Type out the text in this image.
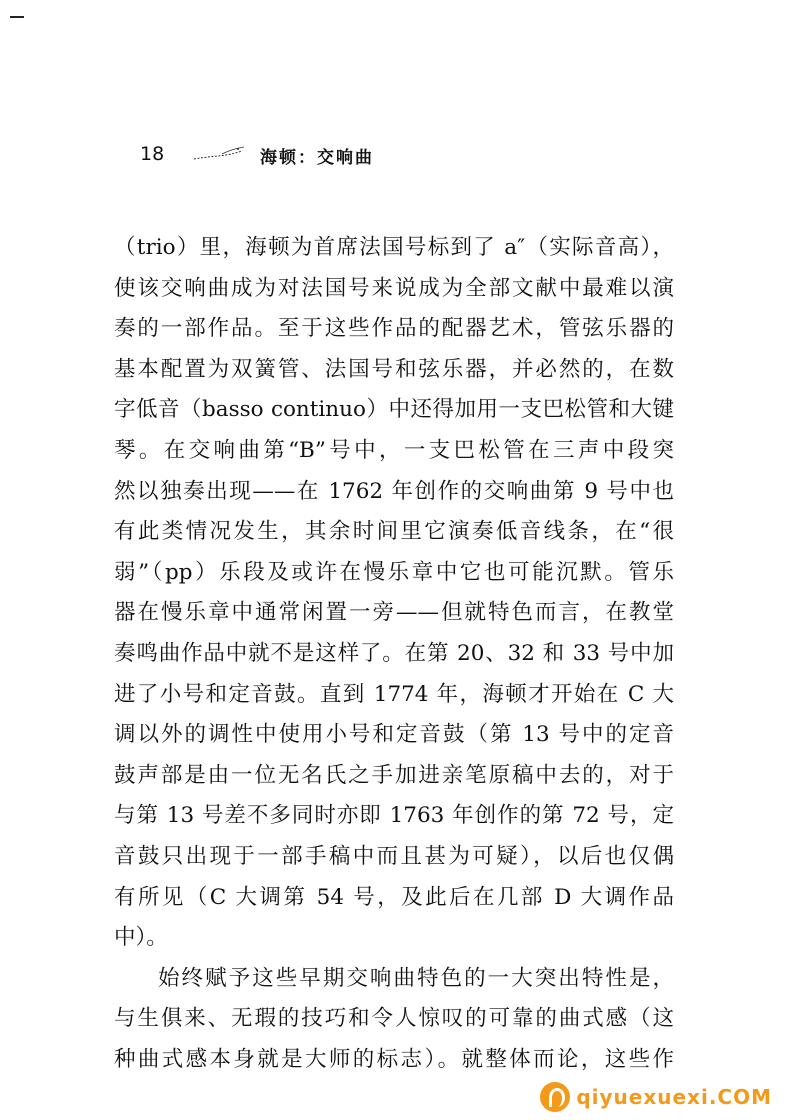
18	海顿：交响曲

（trio）里，海顿为首席法国号标到了 a″（实际音高），
使该交响曲成为对法国号来说成为全部文献中最难以演
奏的一部作品。至于这些作品的配器艺术，管弦乐器的
基本配置为双簧管、法国号和弦乐器，并必然的，在数
字低音（basso continuo）中还得加用一支巴松管和大键
琴。在交响曲第“B”号中，一支巴松管在三声中段突
然以独奏出现——在 1762 年创作的交响曲第 9 号中也
有此类情况发生，其余时间里它演奏低音线条，在“很
弱”（pp）乐段及或许在慢乐章中它也可能沉默。管乐
器在慢乐章中通常闲置一旁——但就特色而言，在教堂
奏鸣曲作品中就不是这样了。在第 20、32 和 33 号中加
进了小号和定音鼓。直到 1774 年，海顿才开始在 C 大
调以外的调性中使用小号和定音鼓（第 13 号中的定音
鼓声部是由一位无名氏之手加进亲笔原稿中去的，对于
与第 13 号差不多同时亦即 1763 年创作的第 72 号，定
音鼓只出现于一部手稿中而且甚为可疑），以后也仅偶
有所见（C 大调第 54 号，及此后在几部 D 大调作品
中）。

始终赋予这些早期交响曲特色的一大突出特性是，
与生俱来、无瑕的技巧和令人惊叹的可靠的曲式感（这
种曲式感本身就是大师的标志）。就整体而论，这些作

qiyuexuexi.COM
